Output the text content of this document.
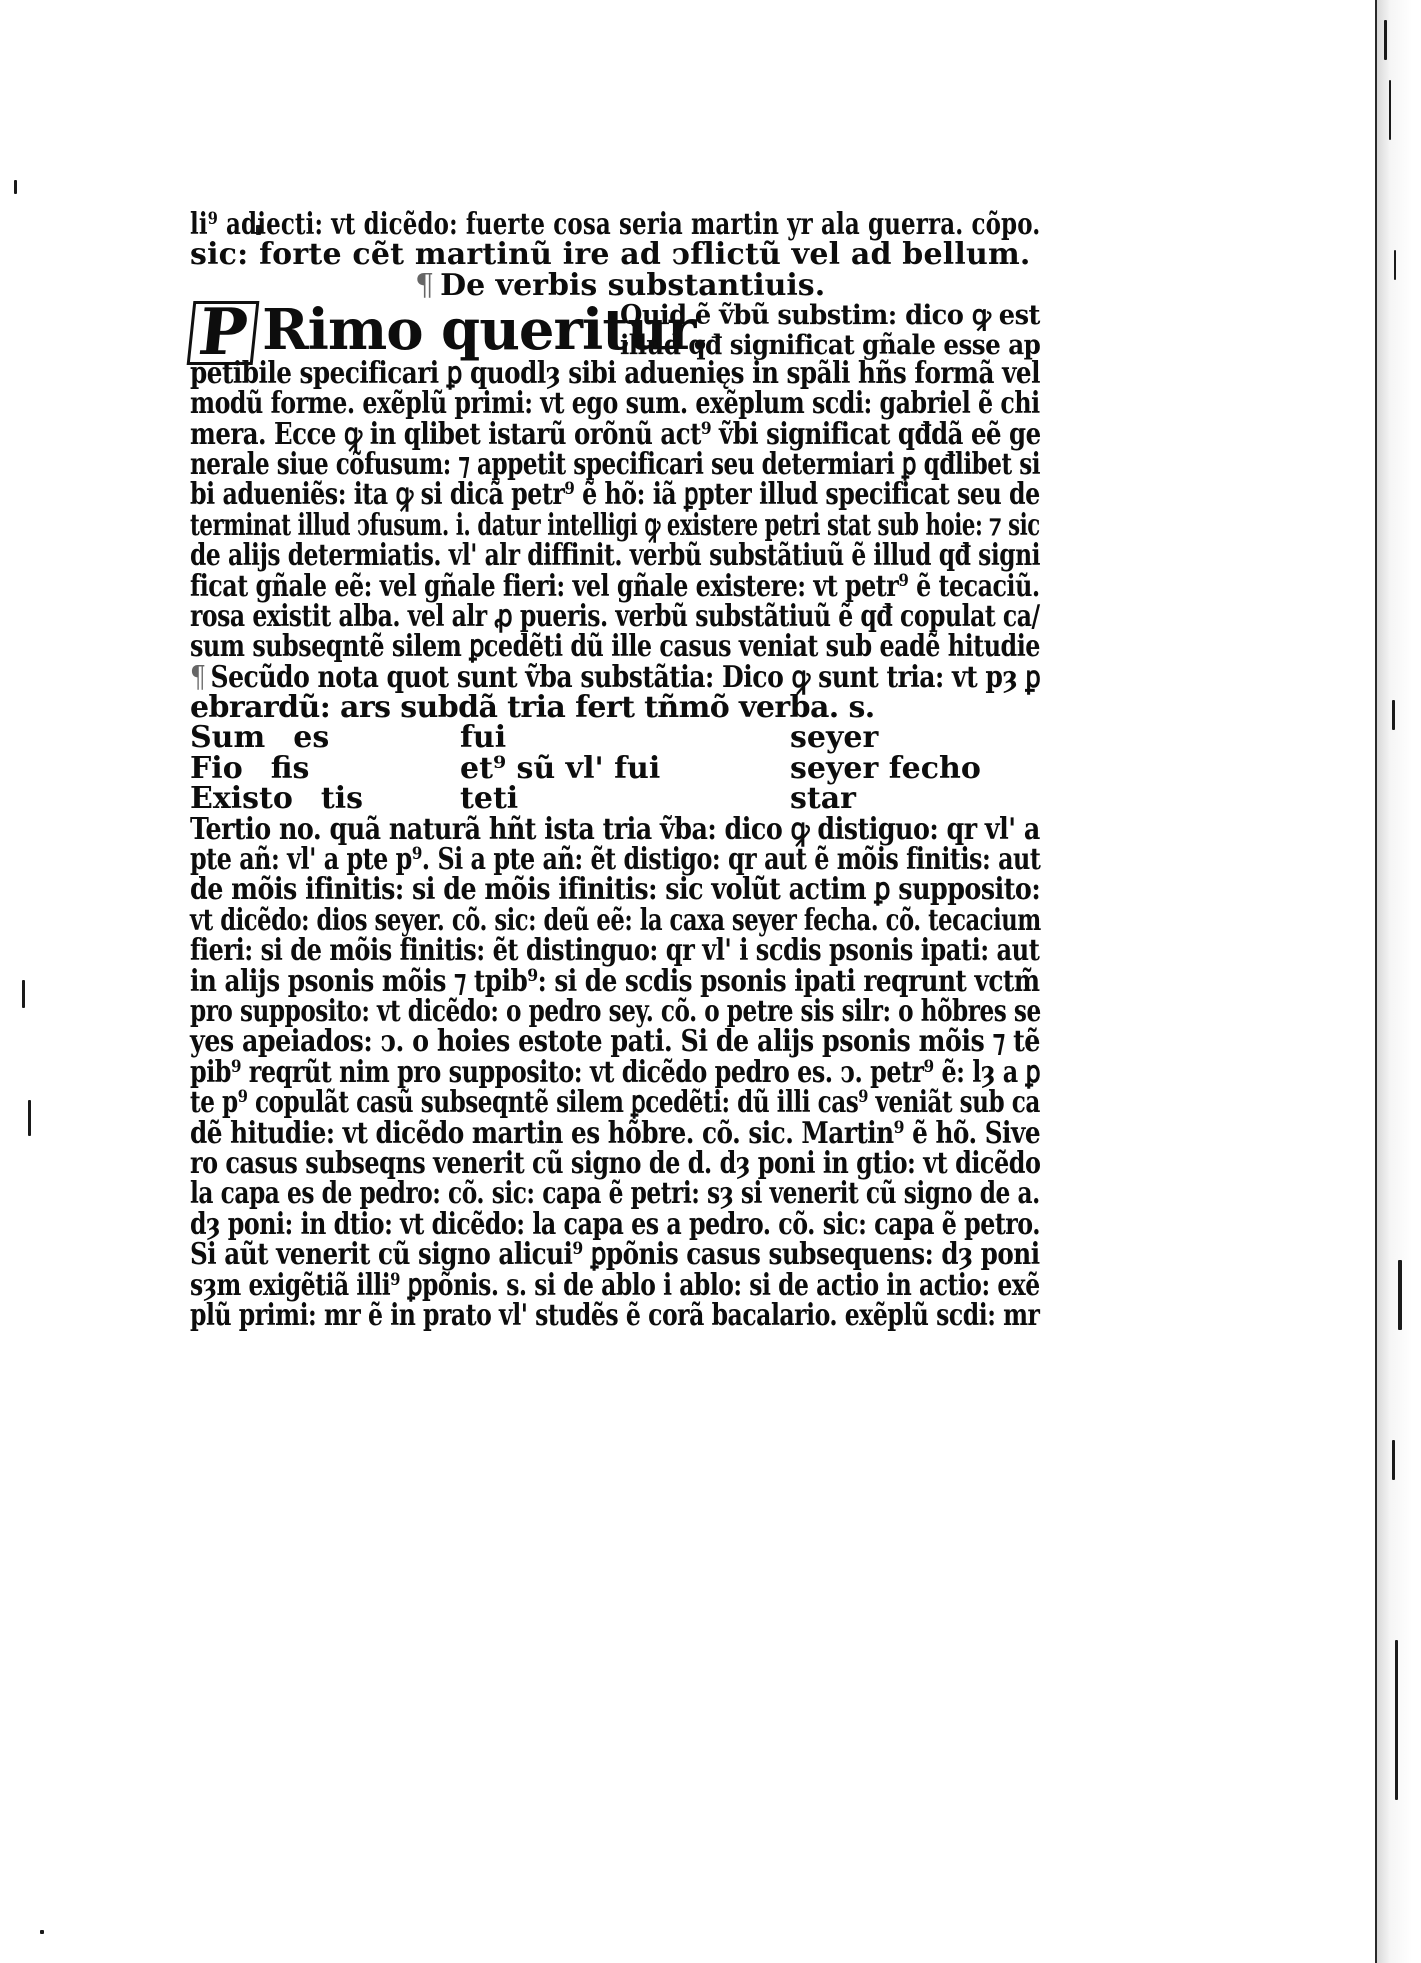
li⁹ adiecti: vt dicẽdo: fuerte cosa seria martin yr ala guerra. cõpo.
sic: forte cẽt martinũ ire ad ↄflictũ vel ad bellum.
¶ De verbis substantiuis.
P Rimo queritur.
Quid ẽ ṽbũ substim: dico ꝙ est
illud qđ significat gñale esse ap
petibile specificari ꝑ quodlȝ sibi aduenięs in spãli hñs formã vel
modũ forme. exẽplũ primi: vt ego sum. exẽplum scdi: gabriel ẽ chi
mera. Ecce ꝙ in qlibet istarũ orõnũ act⁹ ṽbi significat qđdã eẽ ge
nerale siue cõfusum: ⁊ appetit specificari seu determiari ꝑ qđlibet si
bi adueniẽs: ita ꝙ si dicã petr⁹ ẽ hõ: iã ꝑpter illud specificat seu de
terminat illud ↄfusum. i. datur intelligi ꝙ existere petri stat sub hoie: ⁊ sic
de alijs determiatis. vl' alr diffinit. verbũ substãtiuũ ẽ illud qđ signi
ficat gñale eẽ: vel gñale fieri: vel gñale existere: vt petr⁹ ẽ tecaciũ.
rosa existit alba. vel alr ꝓ pueris. verbũ substãtiuũ ẽ qđ copulat ca/
sum subseqntẽ silem ꝑcedẽti dũ ille casus veniat sub eadẽ hitudie
¶ Secũdo nota quot sunt ṽba substãtia: Dico ꝙ sunt tria: vt pȝ ꝑ
ebrardũ: ars subdã tria fert tñmõ verba. s.
Sum es	fui	seyer
Fio fis	et⁹ sũ vl' fui	seyer fecho
Existo tis	teti	star
Tertio no. quã naturã hñt ista tria ṽba: dico ꝙ distiguo: qr vl' a
pte añ: vl' a pte p⁹. Si a pte añ: ẽt distigo: qr aut ẽ mõis finitis: aut
de mõis ifinitis: si de mõis ifinitis: sic volũt actim ꝑ supposito:
vt dicẽdo: dios seyer. cõ. sic: deũ eẽ: la caxa seyer fecha. cõ. tecacium
fieri: si de mõis finitis: ẽt distinguo: qr vl' i scdis psonis ipati: aut
in alijs psonis mõis ⁊ tpib⁹: si de scdis psonis ipati reqrunt vctm̃
pro supposito: vt dicẽdo: o pedro sey. cõ. o petre sis silr: o hõbres se
yes apeiados: ↄ. o hoies estote pati. Si de alijs psonis mõis ⁊ tẽ
pib⁹ reqrũt nim pro supposito: vt dicẽdo pedro es. ↄ. petr⁹ ẽ: lȝ a ꝑ
te p⁹ copulãt casũ subseqntẽ silem ꝑcedẽti: dũ illi cas⁹ veniãt sub ca
dẽ hitudie: vt dicẽdo martin es hõbre. cõ. sic. Martin⁹ ẽ hõ. Sive
ro casus subseqns venerit cũ signo de d. dȝ poni in gtio: vt dicẽdo
la capa es de pedro: cõ. sic: capa ẽ petri: sȝ si venerit cũ signo de a.
dȝ poni: in dtio: vt dicẽdo: la capa es a pedro. cõ. sic: capa ẽ petro.
Si aũt venerit cũ signo alicui⁹ ꝑpõnis casus subsequens: dȝ poni
sȝm exigẽtiã illi⁹ ꝑpõnis. s. si de ablo i ablo: si de actio in actio: exẽ
plũ primi: mr ẽ in prato vl' studẽs ẽ corã bacalario. exẽplũ scdi: mr
